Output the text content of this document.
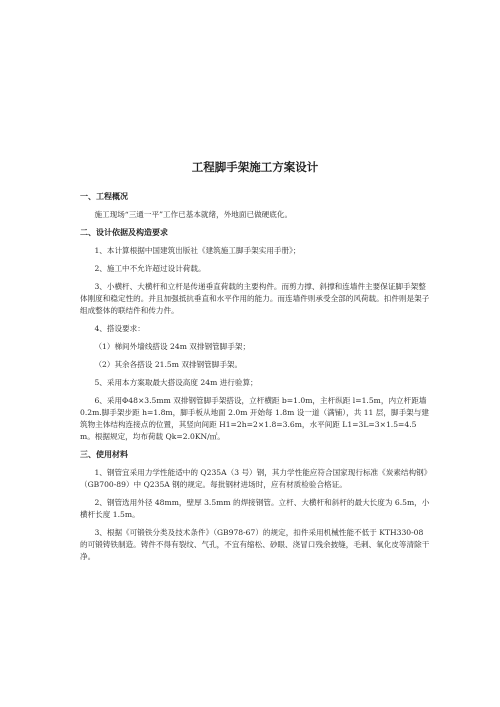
工程脚手架施工方案设计
一、工程概况

施工现场“三通一平”工作已基本就绪，外地面已做硬底化。

二、设计依据及构造要求

1、本计算根据中国建筑出版社《建筑施工脚手架实用手册》；

2、施工中不允许超过设计荷载。

3、小横杆、大横杆和立杆是传递垂直荷载的主要构件。而剪力撑、斜撑和连墙件主要保证脚手架整体刚度和稳定性的。并且加强抵抗垂直和水平作用的能力。而连墙件则承受全部的风荷载。扣件则是架子组成整体的联结件和传力件。

4、搭设要求：

（1）梯间外墙线搭设 24m 双排钢管脚手架；

（2）其余各搭设 21.5m 双排钢管脚手架。

5、采用本方案取最大搭设高度 24m 进行验算；

6、采用Φ48×3.5mm 双排钢管脚手架搭设，立杆横距 b=1.0m，主杆纵距 l=1.5m，内立杆距墙 0.2m.脚手架步距 h=1.8m，脚手板从地面 2.0m 开始每 1.8m 设一道（满铺），共 11 层，脚手架与建筑物主体结构连接点的位置，其竖向间距 H1=2h=2×1.8=3.6m，水平间距 L1=3L=3×1.5=4.5m。根据规定，均布荷载 Qk=2.0KN/㎡。

三、使用材料

1、钢管宜采用力学性能适中的 Q235A（3 号）钢，其力学性能应符合国家现行标准《炭素结构钢》（GB700-89）中 Q235A 钢的规定。每批钢材进场时，应有材质检验合格证。

2、钢管选用外径 48mm，壁厚 3.5mm 的焊接钢管。立杆、大横杆和斜杆的最大长度为 6.5m，小横杆长度 1.5m。

3、根据《可锻铁分类及技术条件》（GB978-67）的规定，扣件采用机械性能不低于 KTH330-08 的可锻铸铁制造。铸件不得有裂纹、气孔，不宜有缩松、砂眼、浇冒口残余披缝，毛刺、氧化皮等清除干净。
